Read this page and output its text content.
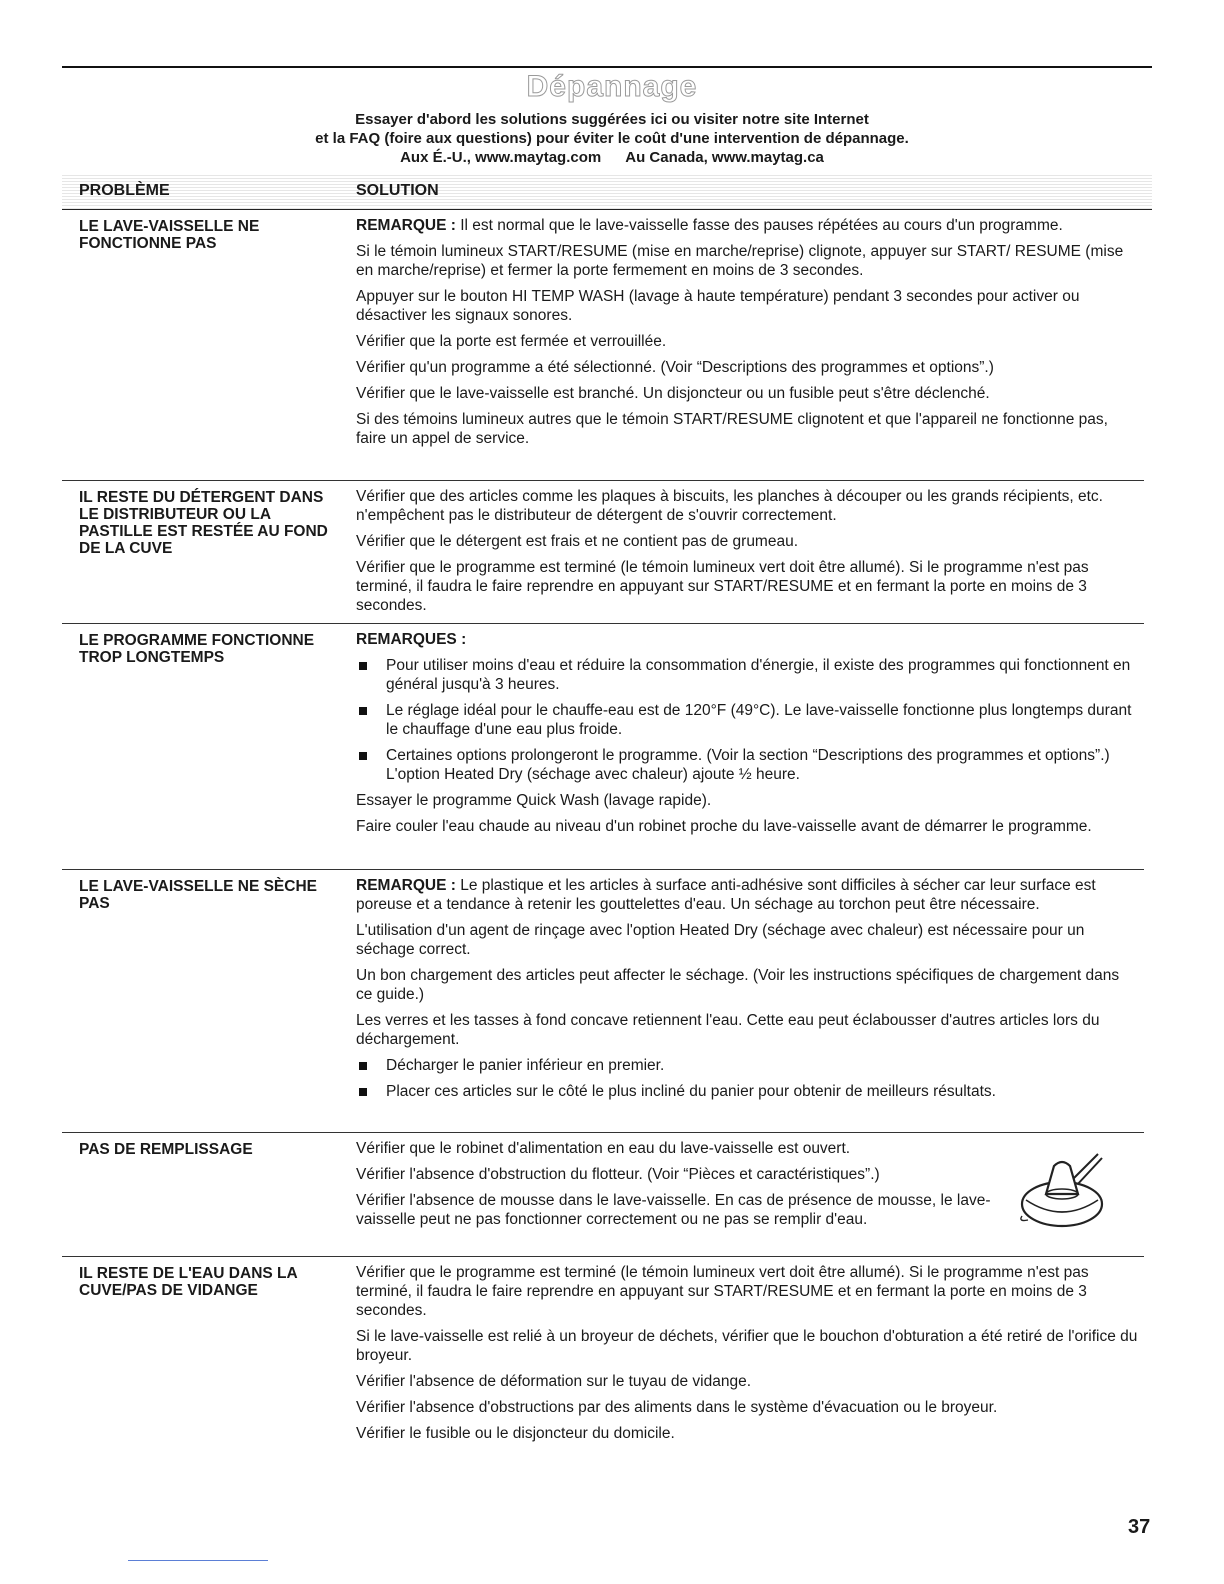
Dépannage
Essayer d'abord les solutions suggérées ici ou visiter notre site Internet
et la FAQ (foire aux questions) pour éviter le coût d'une intervention de dépannage.
Aux É.-U., www.maytag.com Au Canada, www.maytag.ca
PROBLÈME	SOLUTION
LE LAVE-VAISSELLE NE FONCTIONNE PAS
REMARQUE : Il est normal que le lave-vaisselle fasse des pauses répétées au cours d'un programme.
Si le témoin lumineux START/RESUME (mise en marche/reprise) clignote, appuyer sur START/ RESUME (mise en marche/reprise) et fermer la porte fermement en moins de 3 secondes.
Appuyer sur le bouton HI TEMP WASH (lavage à haute température) pendant 3 secondes pour activer ou désactiver les signaux sonores.
Vérifier que la porte est fermée et verrouillée.
Vérifier qu'un programme a été sélectionné. (Voir “Descriptions des programmes et options”.)
Vérifier que le lave-vaisselle est branché. Un disjoncteur ou un fusible peut s'être déclenché.
Si des témoins lumineux autres que le témoin START/RESUME clignotent et que l'appareil ne fonctionne pas, faire un appel de service.
IL RESTE DU DÉTERGENT DANS LE DISTRIBUTEUR OU LA PASTILLE EST RESTÉE AU FOND DE LA CUVE
Vérifier que des articles comme les plaques à biscuits, les planches à découper ou les grands récipients, etc. n'empêchent pas le distributeur de détergent de s'ouvrir correctement.
Vérifier que le détergent est frais et ne contient pas de grumeau.
Vérifier que le programme est terminé (le témoin lumineux vert doit être allumé). Si le programme n'est pas terminé, il faudra le faire reprendre en appuyant sur START/RESUME et en fermant la porte en moins de 3 secondes.
LE PROGRAMME FONCTIONNE TROP LONGTEMPS
REMARQUES :
Pour utiliser moins d'eau et réduire la consommation d'énergie, il existe des programmes qui fonctionnent en général jusqu'à 3 heures.
Le réglage idéal pour le chauffe-eau est de 120°F (49°C). Le lave-vaisselle fonctionne plus longtemps durant le chauffage d'une eau plus froide.
Certaines options prolongeront le programme. (Voir la section “Descriptions des programmes et options”.) L'option Heated Dry (séchage avec chaleur) ajoute ½ heure.
Essayer le programme Quick Wash (lavage rapide).
Faire couler l'eau chaude au niveau d'un robinet proche du lave-vaisselle avant de démarrer le programme.
LE LAVE-VAISSELLE NE SÈCHE PAS
REMARQUE : Le plastique et les articles à surface anti-adhésive sont difficiles à sécher car leur surface est poreuse et a tendance à retenir les gouttelettes d'eau. Un séchage au torchon peut être nécessaire.
L'utilisation d'un agent de rinçage avec l'option Heated Dry (séchage avec chaleur) est nécessaire pour un séchage correct.
Un bon chargement des articles peut affecter le séchage. (Voir les instructions spécifiques de chargement dans ce guide.)
Les verres et les tasses à fond concave retiennent l'eau. Cette eau peut éclabousser d'autres articles lors du déchargement.
Décharger le panier inférieur en premier.
Placer ces articles sur le côté le plus incliné du panier pour obtenir de meilleurs résultats.
PAS DE REMPLISSAGE	Vérifier que le robinet d'alimentation en eau du lave-vaisselle est ouvert.
Vérifier l'absence d'obstruction du flotteur. (Voir “Pièces et caractéristiques”.)
Vérifier l'absence de mousse dans le lave-vaisselle. En cas de présence de mousse, le lave-vaisselle peut ne pas fonctionner correctement ou ne pas se remplir d'eau.
IL RESTE DE L'EAU DANS LA CUVE/PAS DE VIDANGE
Vérifier que le programme est terminé (le témoin lumineux vert doit être allumé). Si le programme n'est pas terminé, il faudra le faire reprendre en appuyant sur START/RESUME et en fermant la porte en moins de 3 secondes.
Si le lave-vaisselle est relié à un broyeur de déchets, vérifier que le bouchon d'obturation a été retiré de l'orifice du broyeur.
Vérifier l'absence de déformation sur le tuyau de vidange.
Vérifier l'absence d'obstructions par des aliments dans le système d'évacuation ou le broyeur.
Vérifier le fusible ou le disjoncteur du domicile.
37
